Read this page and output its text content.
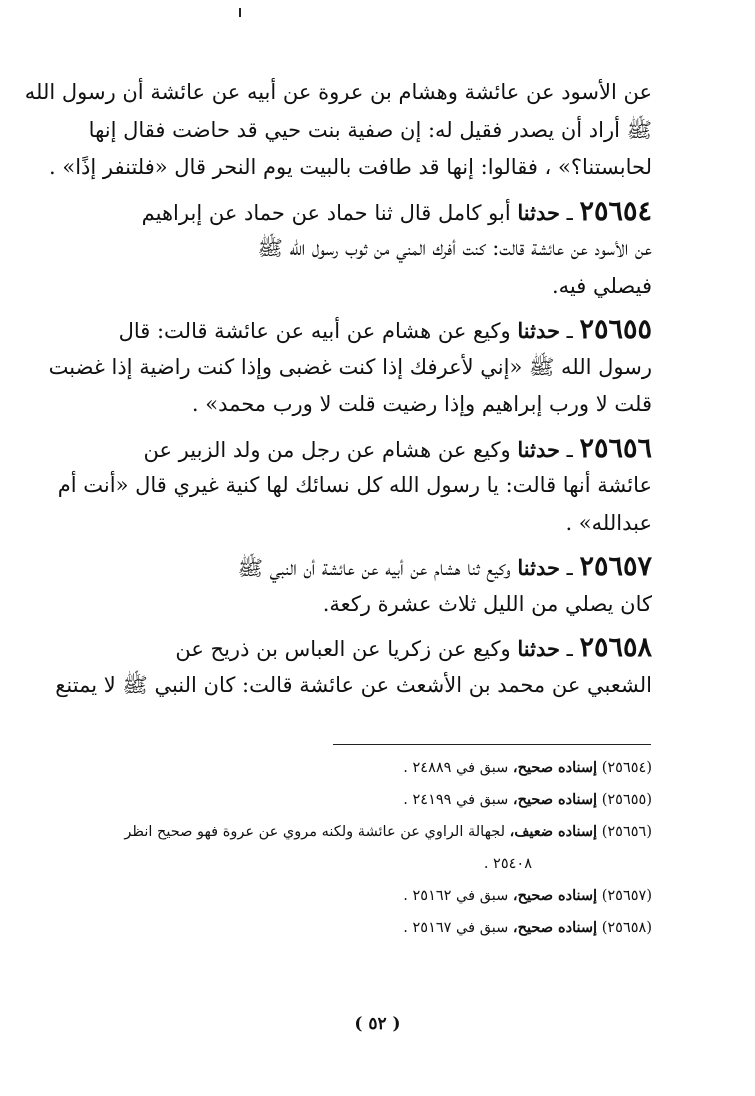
عن الأسود عن عائشة وهشام بن عروة عن أبيه عن عائشة أن رسول الله
ﷺ أراد أن يصدر فقيل له: إن صفية بنت حيي قد حاضت فقال إنها
لحابستنا؟» ، فقالوا: إنها قد طافت بالبيت يوم النحر قال «فلتنفر إذًا» .
٢٥٦٥٤ ـ حدثنا أبو كامل قال ثنا حماد عن حماد عن إبراهيم
عن الأسود عن عائشة قالت: كنت أفرك المني من ثوب رسول الله ﷺ
فيصلي فيه.
٢٥٦٥٥ ـ حدثنا وكيع عن هشام عن أبيه عن عائشة قالت: قال
رسول الله ﷺ «إني لأعرفك إذا كنت غضبى وإذا كنت راضية إذا غضبت
قلت لا ورب إبراهيم وإذا رضيت قلت لا ورب محمد» .
٢٥٦٥٦ ـ حدثنا وكيع عن هشام عن رجل من ولد الزبير عن
عائشة أنها قالت: يا رسول الله كل نسائك لها كنية غيري قال «أنت أم
عبدالله» .
٢٥٦٥٧ ـ حدثنا وكيع ثنا هشام عن أبيه عن عائشة أن النبي ﷺ
كان يصلي من الليل ثلاث عشرة ركعة.
٢٥٦٥٨ ـ حدثنا وكيع عن زكريا عن العباس بن ذريح عن
الشعبي عن محمد بن الأشعث عن عائشة قالت: كان النبي ﷺ لا يمتنع
(٢٥٦٥٤) إسناده صحيح، سبق في ٢٤٨٨٩ .
(٢٥٦٥٥) إسناده صحيح، سبق في ٢٤١٩٩ .
(٢٥٦٥٦) إسناده ضعيف، لجهالة الراوي عن عائشة ولكنه مروي عن عروة فهو صحيح انظر
٢٥٤٠٨ .
(٢٥٦٥٧) إسناده صحيح، سبق في ٢٥١٦٢ .
(٢٥٦٥٨) إسناده صحيح، سبق في ٢٥١٦٧ .
( ٥٢ )
